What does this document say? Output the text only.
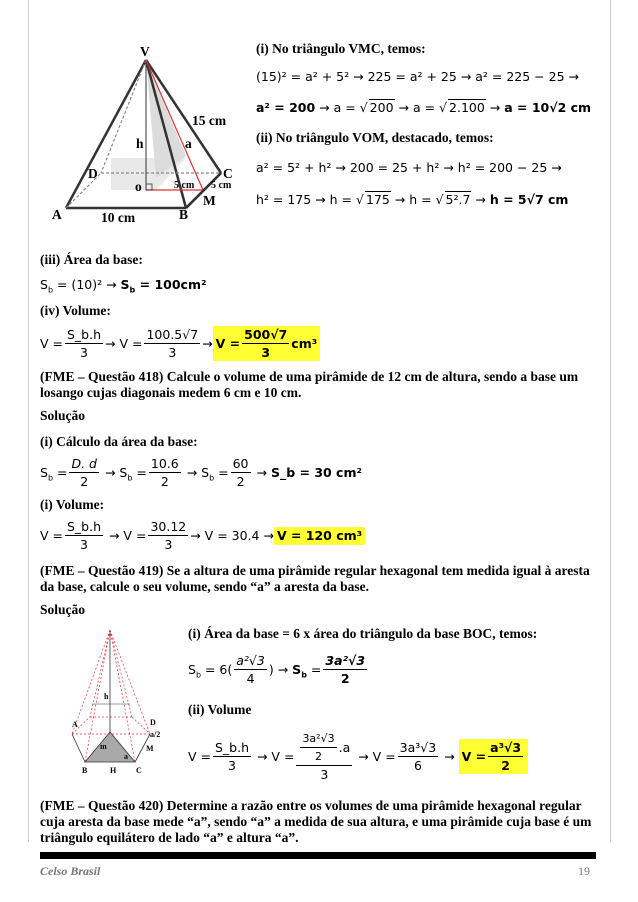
V
h	a
15 cm
D	C
o	5 cm 5 cm
M
A	10 cm	B
(i) No triângulo VMC, temos:
(15)² = a² + 5² → 225 = a² + 25 → a² = 225 − 25 →
a² = 200 → a = √ 200 → a = √ 2.100 → a = 10√2 cm
(ii) No triângulo VOM, destacado, temos:
a² = 5² + h² → 200 = 25 + h² → h² = 200 − 25 →
h² = 175 → h = √ 175 → h = √ 5².7 → h = 5√7 cm
(iii) Área da base:
$S_b = (10)^2 \to S_b = 100cm^2$
(iv) Volume:
$V = \frac{S\_b.h}{3} \to V = \frac{100.5√7}{3} \to V = \frac{500√7}{3} cm^3$
(FME – Questão 418) Calcule o volume de uma pirâmide de 12 cm de altura, sendo a base um losango cujas diagonais medem 6 cm e 10 cm.
Solução
(i) Cálculo da área da base:
$S_b = \frac{D. d}{2} \to S_b = \frac{10.6}{2} \to S_b = \frac{60}{2}$ → S_b = 30 cm²
(i) Volume:
$V = \frac{S\_b.h}{3} \to V = \frac{30.12}{3} \to V = 30.4 \to V = 120$ cm³
(FME – Questão 419) Se a altura de uma pirâmide regular hexagonal tem medida igual à aresta da base, calcule o seu volume, sendo “a” a aresta da base.
Solução
h
A
B
m
a
H
D
a/2
M
C
(i) Área da base = 6 x área do triângulo da base BOC, temos:
$S_b = 6( \frac{\text{a²√3}}{4}$ ) → $S_b = \frac{\text{3a²√3}}{2}$
(ii) Volume
$V = \frac{S\_b.h}{3} \to V = \frac{\frac{\text{3a²√3}}{2} .a}{3} \to V = \frac{\text{3a³√3}}{6} \to V = \frac{\text{a³√3}}{2}$
(FME – Questão 420) Determine a razão entre os volumes de uma pirâmide hexagonal regular cuja aresta da base mede “a”, sendo “a” a medida de sua altura, e uma pirâmide cuja base é um triângulo equilátero de lado “a” e altura “a”.
Celso Brasil	19
